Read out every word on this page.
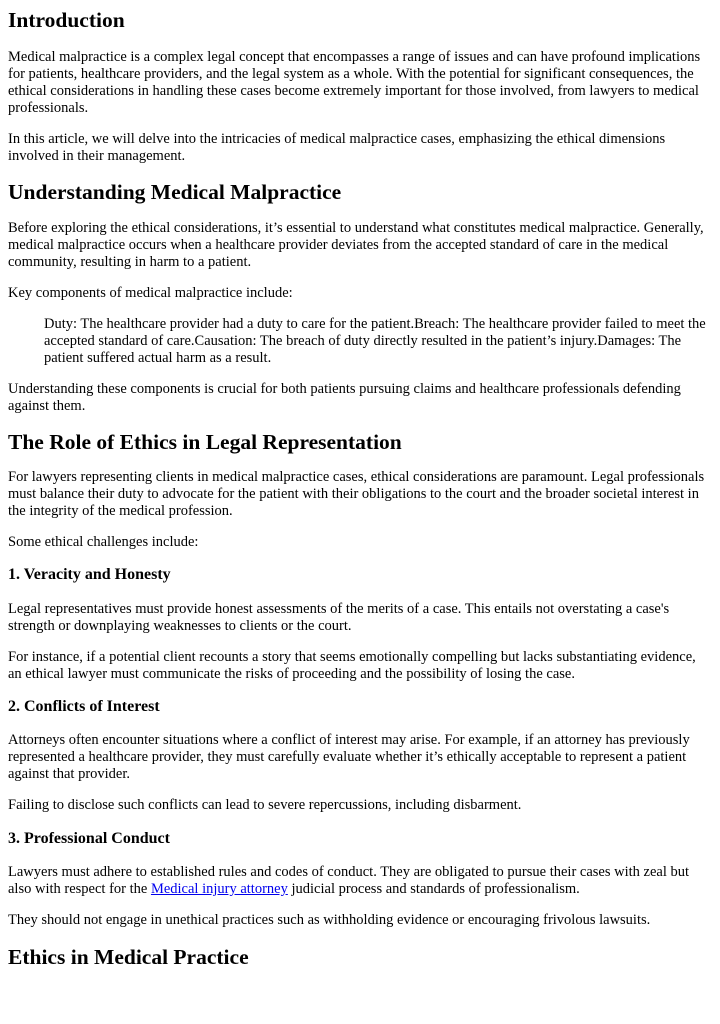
Introduction

Medical malpractice is a complex legal concept that encompasses a range of issues and can have profound implications for patients, healthcare providers, and the legal system as a whole. With the potential for significant consequences, the ethical considerations in handling these cases become extremely important for those involved, from lawyers to medical professionals.

In this article, we will delve into the intricacies of medical malpractice cases, emphasizing the ethical dimensions involved in their management.

Understanding Medical Malpractice

Before exploring the ethical considerations, it’s essential to understand what constitutes medical malpractice. Generally, medical malpractice occurs when a healthcare provider deviates from the accepted standard of care in the medical community, resulting in harm to a patient.

Key components of medical malpractice include:

Duty: The healthcare provider had a duty to care for the patient.Breach: The healthcare provider failed to meet the accepted standard of care.Causation: The breach of duty directly resulted in the patient’s injury.Damages: The patient suffered actual harm as a result.

Understanding these components is crucial for both patients pursuing claims and healthcare professionals defending against them.

The Role of Ethics in Legal Representation

For lawyers representing clients in medical malpractice cases, ethical considerations are paramount. Legal professionals must balance their duty to advocate for the patient with their obligations to the court and the broader societal interest in the integrity of the medical profession.

Some ethical challenges include:

1. Veracity and Honesty

Legal representatives must provide honest assessments of the merits of a case. This entails not overstating a case's strength or downplaying weaknesses to clients or the court.

For instance, if a potential client recounts a story that seems emotionally compelling but lacks substantiating evidence, an ethical lawyer must communicate the risks of proceeding and the possibility of losing the case.

2. Conflicts of Interest

Attorneys often encounter situations where a conflict of interest may arise. For example, if an attorney has previously represented a healthcare provider, they must carefully evaluate whether it’s ethically acceptable to represent a patient against that provider.

Failing to disclose such conflicts can lead to severe repercussions, including disbarment.

3. Professional Conduct

Lawyers must adhere to established rules and codes of conduct. They are obligated to pursue their cases with zeal but also with respect for the Medical injury attorney judicial process and standards of professionalism.

They should not engage in unethical practices such as withholding evidence or encouraging frivolous lawsuits.

Ethics in Medical Practice
